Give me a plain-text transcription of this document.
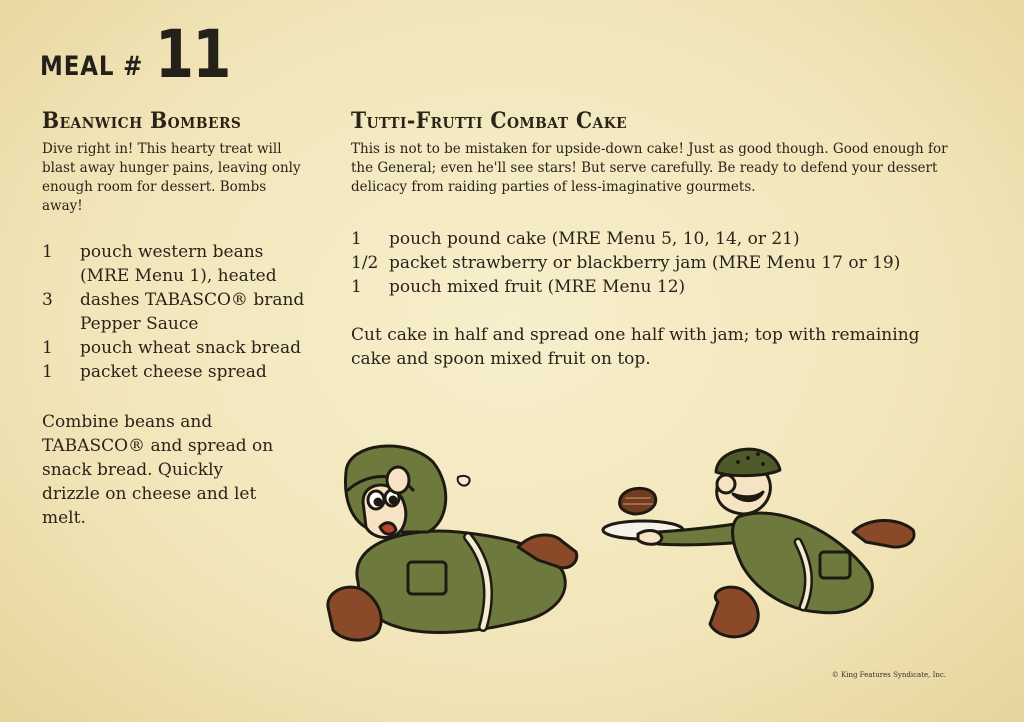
MEAL # 11
Beanwich Bombers

Dive right in! This hearty treat will blast away hunger pains, leaving only enough room for dessert. Bombs away!

1	pouch western beans (MRE Menu 1), heated
3	dashes TABASCO® brand Pepper Sauce
1	pouch wheat snack bread
1	packet cheese spread

Combine beans and TABASCO® and spread on snack bread. Quickly drizzle on cheese and let melt.

Tutti-Frutti Combat Cake

This is not to be mistaken for upside-down cake! Just as good though. Good enough for the General; even he'll see stars! But serve carefully. Be ready to defend your dessert delicacy from raiding parties of less-imaginative gourmets.

1	pouch pound cake (MRE Menu 5, 10, 14, or 21)
1/2 packet strawberry or blackberry jam (MRE Menu 17 or 19)
1	pouch mixed fruit (MRE Menu 12)

Cut cake in half and spread one half with jam; top with remaining cake and spoon mixed fruit on top.

© King Features Syndicate, Inc.
